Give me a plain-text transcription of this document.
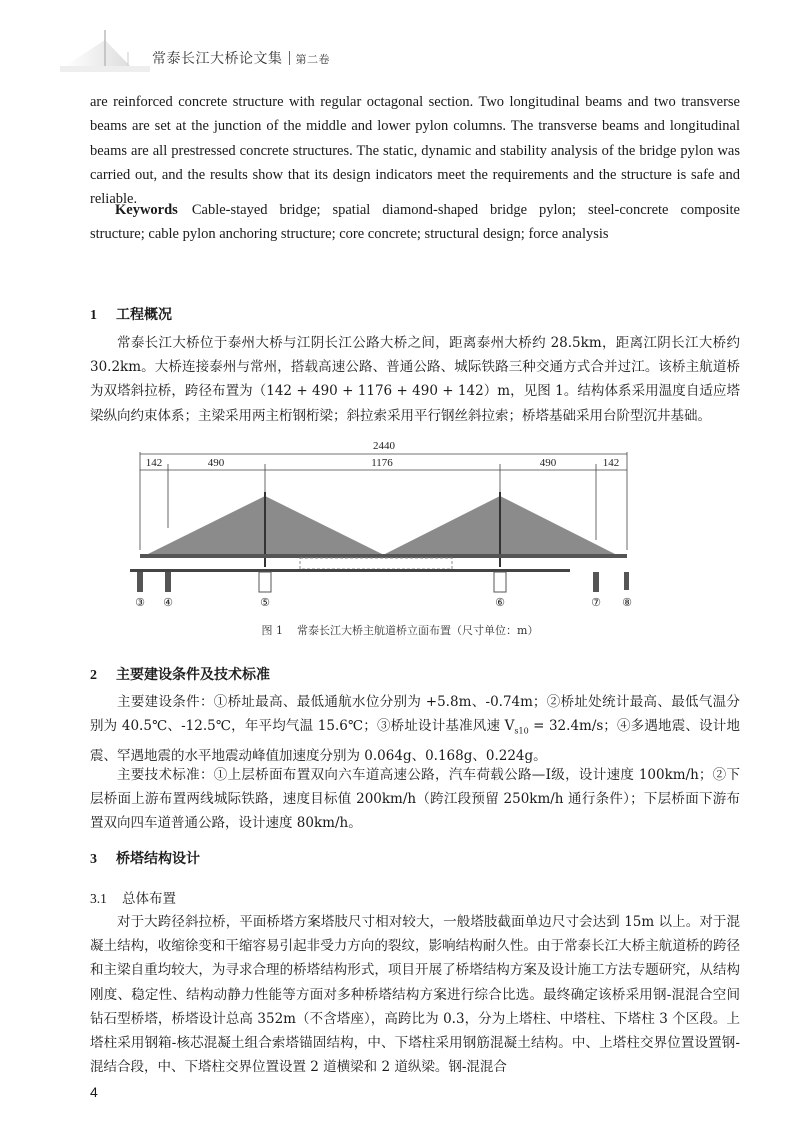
常泰长江大桥论文集 第二卷
are reinforced concrete structure with regular octagonal section. Two longitudinal beams and two transverse beams are set at the junction of the middle and lower pylon columns. The transverse beams and longitudinal beams are all prestressed concrete structures. The static, dynamic and stability analysis of the bridge pylon was carried out, and the results show that its design indicators meet the requirements and the structure is safe and reliable.
Keywords Cable-stayed bridge; spatial diamond-shaped bridge pylon; steel-concrete composite structure; cable pylon anchoring structure; core concrete; structural design; force analysis
1 工程概况
常泰长江大桥位于泰州大桥与江阴长江公路大桥之间，距离泰州大桥约 28.5km，距离江阴长江大桥约 30.2km。大桥连接泰州与常州，搭载高速公路、普通公路、城际铁路三种交通方式合并过江。该桥主航道桥为双塔斜拉桥，跨径布置为（142 + 490 + 1176 + 490 + 142）m，见图 1。结构体系采用温度自适应塔梁纵向约束体系；主梁采用两主桁钢桁梁；斜拉索采用平行钢丝斜拉索；桥塔基础采用台阶型沉井基础。
2440
142	490	1176	490	142
③ ④	⑤	⑥	⑦ ⑧
图 1 常泰长江大桥主航道桥立面布置（尺寸单位：m）
2 主要建设条件及技术标准
主要建设条件：①桥址最高、最低通航水位分别为 +5.8m、-0.74m；②桥址处统计最高、最低气温分别为 40.5℃、-12.5℃，年平均气温 15.6℃；③桥址设计基准风速 $V_{s10} = 32.4m/s$；④多遇地震、设计地震、罕遇地震的水平地震动峰值加速度分别为 0.064g、0.168g、0.224g。
主要技术标准：①上层桥面布置双向六车道高速公路，汽车荷载公路—Ⅰ级，设计速度 100km/h；②下层桥面上游布置两线城际铁路，速度目标值 200km/h（跨江段预留 250km/h 通行条件）；下层桥面下游布置双向四车道普通公路，设计速度 80km/h。
3 桥塔结构设计
3.1 总体布置
对于大跨径斜拉桥，平面桥塔方案塔肢尺寸相对较大，一般塔肢截面单边尺寸会达到 15m 以上。对于混凝土结构，收缩徐变和干缩容易引起非受力方向的裂纹，影响结构耐久性。由于常泰长江大桥主航道桥的跨径和主梁自重均较大，为寻求合理的桥塔结构形式，项目开展了桥塔结构方案及设计施工方法专题研究，从结构刚度、稳定性、结构动静力性能等方面对多种桥塔结构方案进行综合比选。最终确定该桥采用钢-混混合空间钻石型桥塔，桥塔设计总高 352m（不含塔座），高跨比为 0.3，分为上塔柱、中塔柱、下塔柱 3 个区段。上塔柱采用钢箱-核芯混凝土组合索塔锚固结构，中、下塔柱采用钢筋混凝土结构。中、上塔柱交界位置设置钢-混结合段，中、下塔柱交界位置设置 2 道横梁和 2 道纵梁。钢-混混合
4
